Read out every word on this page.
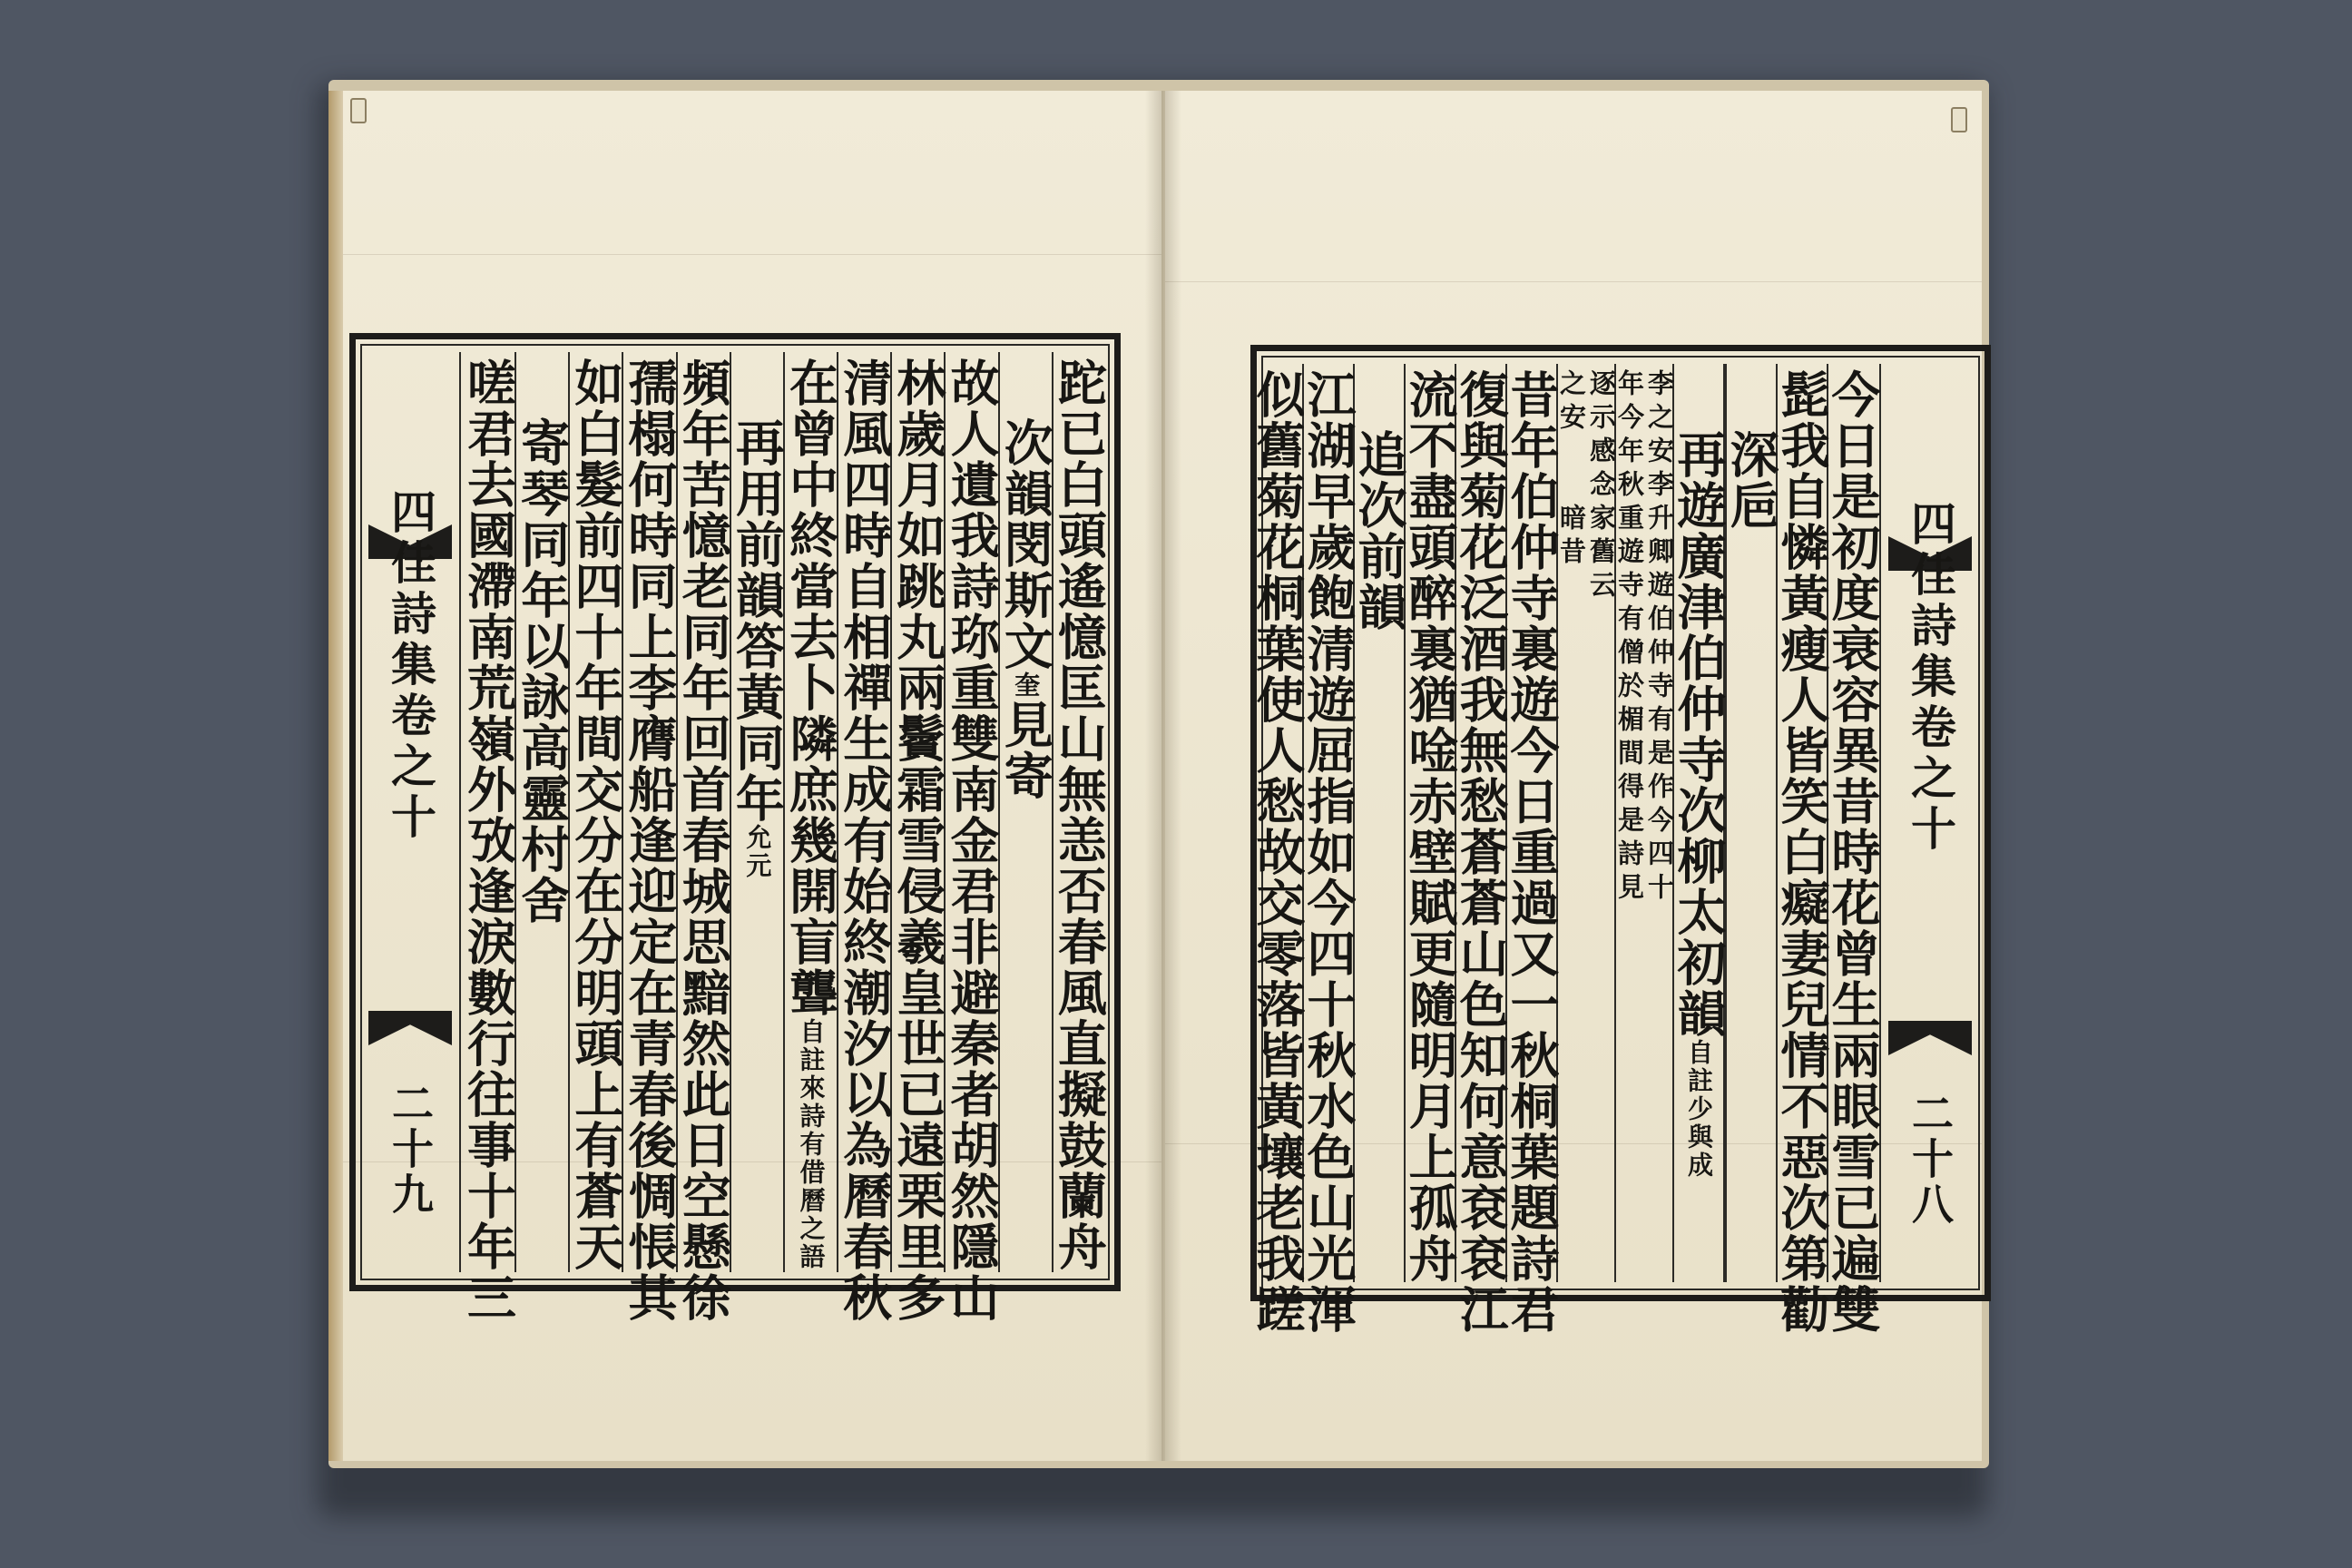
四佳詩集卷之十
二十九	跎已白頭遙憶匡山無恙否春風直擬鼓蘭舟
次韻閔斯文奎見寄
故人遺我詩珎重雙南金君非避秦者胡然隱山
林歲月如跳丸兩鬢霜雪侵羲皇世已遠栗里多
清風四時自相禪生成有始終潮汐以為曆春秋
在曾中終當去卜隣庶幾開盲聾自註來詩有借曆之語
再用前韻答黃同年允元
頻年苦憶老同年回首春城思黯然此日空懸徐
孺榻何時同上李膺船逢迎定在青春後惆悵其
如白髮前四十年間交分在分明頭上有蒼天
寄琴同年以詠高靈村舍
嗟君去國滯南荒嶺外攷逢淚數行往事十年三	四佳詩集卷之十
二十八
今日是初度衰容異昔時花曾生兩眼雪已遍雙
髭我自憐黃瘦人皆笑白癡妻兒情不惡次第勸
深巵
再遊廣津伯仲寺次柳太初韻自註少與成
李之安李升卿遊伯仲寺有是作今四十
年今年秋重遊寺有僧於楣間得是詩見
逐示感念家舊云
之安　　暗昔
昔年伯仲寺裏遊今日重過又一秋桐葉題詩君
復與菊花泛酒我無愁蒼蒼山色知何意袞袞江
流不盡頭醉裏猶唫赤壁賦更隨明月上孤舟
追次前韻
江湖早歲飽清遊屈指如今四十秋水色山光渾
似舊菊花桐葉使人愁故交零落皆黃壤老我蹉
